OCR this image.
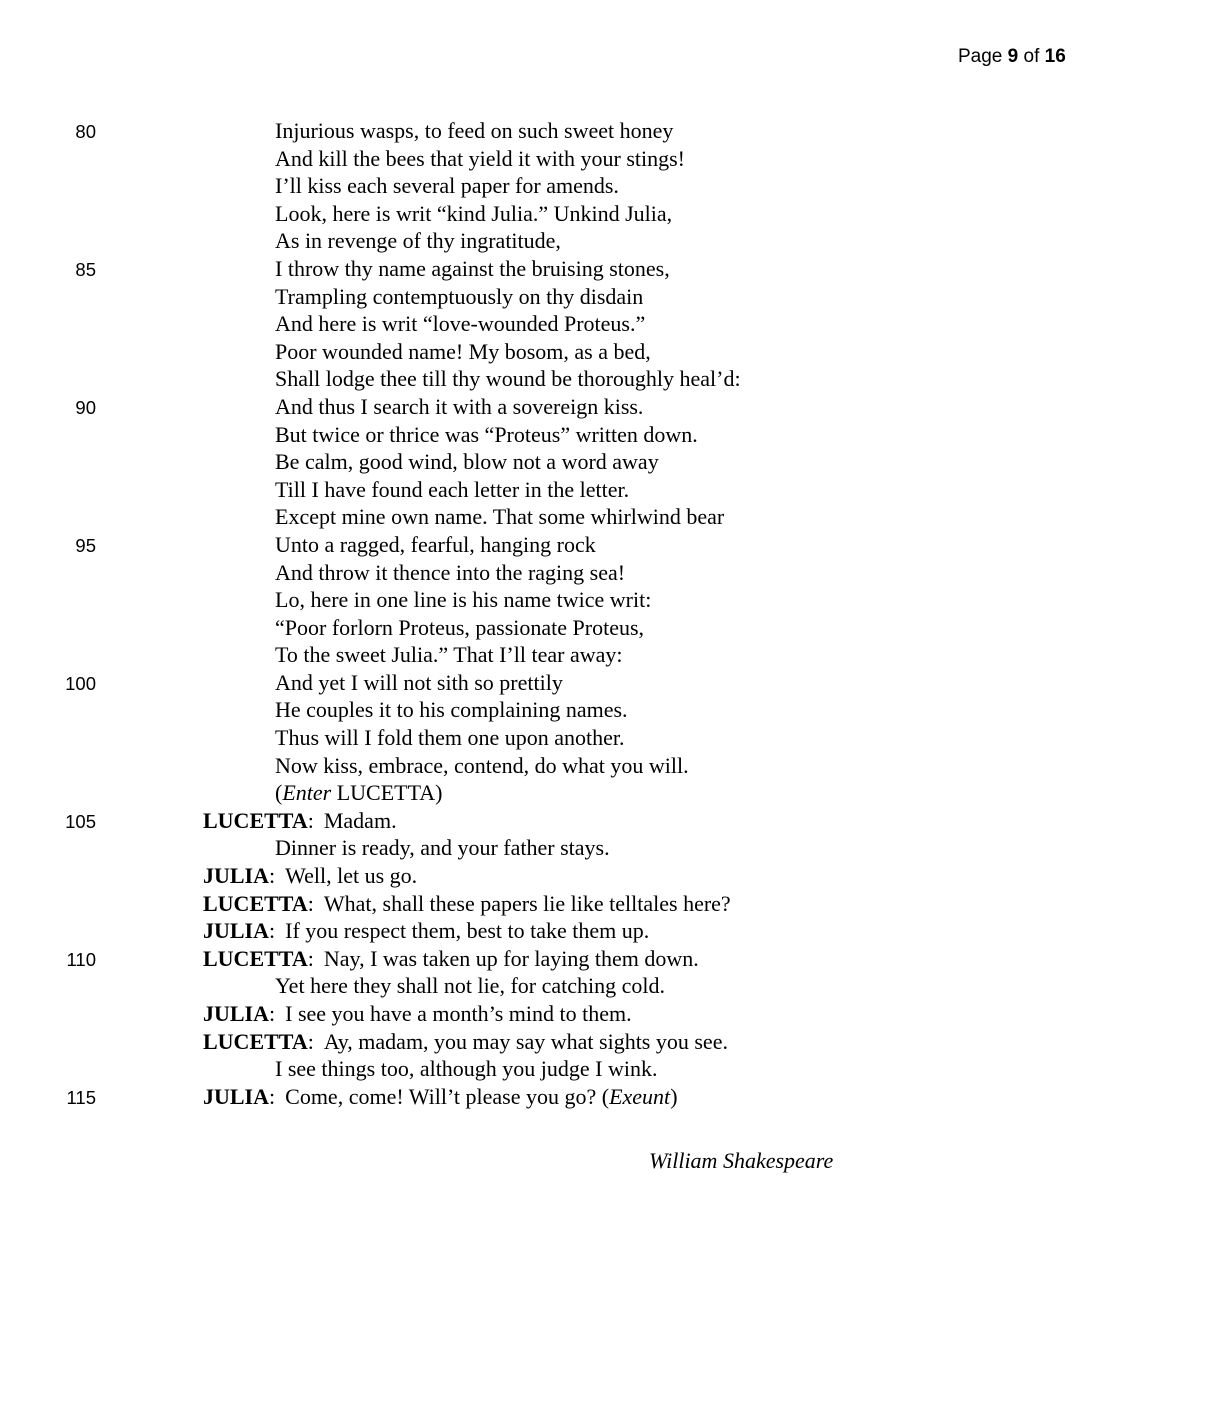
Page 9 of 16
80	Injurious wasps, to feed on such sweet honey
And kill the bees that yield it with your stings!
I’ll kiss each several paper for amends.
Look, here is writ “kind Julia.” Unkind Julia,
As in revenge of thy ingratitude,
85	I throw thy name against the bruising stones,
Trampling contemptuously on thy disdain
And here is writ “love-wounded Proteus.”
Poor wounded name! My bosom, as a bed,
Shall lodge thee till thy wound be thoroughly heal’d:
90	And thus I search it with a sovereign kiss.
But twice or thrice was “Proteus” written down.
Be calm, good wind, blow not a word away
Till I have found each letter in the letter.
Except mine own name. That some whirlwind bear
95	Unto a ragged, fearful, hanging rock
And throw it thence into the raging sea!
Lo, here in one line is his name twice writ:
“Poor forlorn Proteus, passionate Proteus,
To the sweet Julia.” That I’ll tear away:
100	And yet I will not sith so prettily
He couples it to his complaining names.
Thus will I fold them one upon another.
Now kiss, embrace, contend, do what you will.
(Enter LUCETTA)
105	LUCETTA: Madam.
Dinner is ready, and your father stays.
JULIA: Well, let us go.
LUCETTA: What, shall these papers lie like telltales here?
JULIA: If you respect them, best to take them up.
110	LUCETTA: Nay, I was taken up for laying them down.
Yet here they shall not lie, for catching cold.
JULIA: I see you have a month’s mind to them.
LUCETTA: Ay, madam, you may say what sights you see.
I see things too, although you judge I wink.
115	JULIA: Come, come! Will’t please you go? (Exeunt)
William Shakespeare
